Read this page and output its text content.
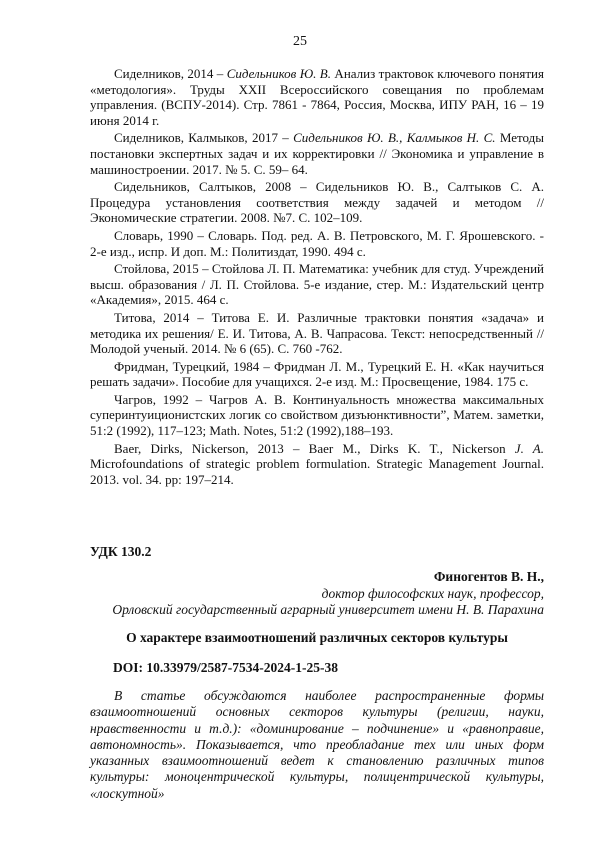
25

Сиделников, 2014 – Сидельников Ю. В. Анализ трактовок ключевого понятия «методология». Труды XXII Всероссийского совещания по проблемам управления. (ВСПУ-2014). Стр. 7861 - 7864, Россия, Москва, ИПУ РАН, 16 – 19 июня 2014 г.

Сиделников, Калмыков, 2017 – Сидельников Ю. В., Калмыков Н. С. Методы постановки экспертных задач и их корректировки // Экономика и управление в машиностроении. 2017. № 5. С. 59– 64.

Сидельников, Салтыков, 2008 – Сидельников Ю. В., Салтыков С. А. Процедура установления соответствия между задачей и методом // Экономические стратегии. 2008. №7. С. 102–109.

Словарь, 1990 – Словарь. Под. ред. А. В. Петровского, М. Г. Ярошевского. - 2-е изд., испр. И доп. М.: Политиздат, 1990. 494 с.

Стойлова, 2015 – Стойлова Л. П. Математика: учебник для студ. Учреждений высш. образования / Л. П. Стойлова. 5-е издание, стер. М.: Издательский центр «Академия», 2015. 464 с.

Титова, 2014 – Титова Е. И. Различные трактовки понятия «задача» и методика их решения/ Е. И. Титова, А. В. Чапрасова. Текст: непосредственный // Молодой ученый. 2014. № 6 (65). С. 760 -762.

Фридман, Турецкий, 1984 – Фридман Л. М., Турецкий Е. Н. «Как научиться решать задачи». Пособие для учащихся. 2-е изд. М.: Просвещение, 1984. 175 с.

Чагров, 1992 – Чагров А. В. Континуальность множества максимальных суперинтуиционистских логик со свойством дизъюнктивности”, Матем. заметки, 51:2 (1992), 117–123; Math. Notes, 51:2 (1992),188–193.

Baer, Dirks, Nickerson, 2013 – Baer M., Dirks K. T., Nickerson J. A. Microfoundations of strategic problem formulation. Strategic Management Journal. 2013. vol. 34. pp: 197–214.

УДК 130.2
Финогентов В. Н.,
доктор философских наук, профессор,
Орловский государственный аграрный университет имени Н. В. Парахина
О характере взаимоотношений различных секторов культуры
DOI: 10.33979/2587-7534-2024-1-25-38

В статье обсуждаются наиболее распространенные формы взаимоотношений основных секторов культуры (религии, науки, нравственности и т.д.): «доминирование – подчинение» и «равноправие, автономность». Показывается, что преобладание тех или иных форм указанных взаимоотношений ведет к становлению различных типов культуры: моноцентрической культуры, полицентрической культуры, «лоскутной»
